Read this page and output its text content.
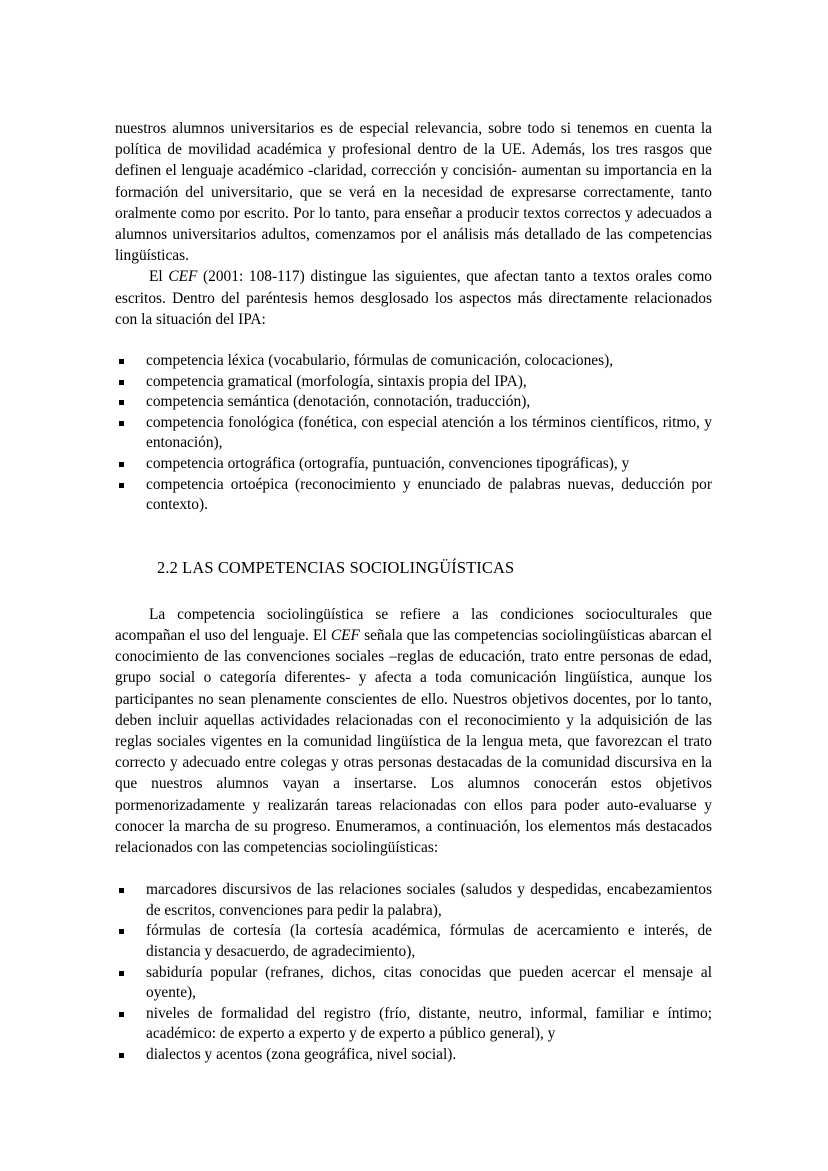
nuestros alumnos universitarios es de especial relevancia, sobre todo si tenemos en cuenta la política de movilidad académica y profesional dentro de la UE. Además, los tres rasgos que definen el lenguaje académico -claridad, corrección y concisión- aumentan su importancia en la formación del universitario, que se verá en la necesidad de expresarse correctamente, tanto oralmente como por escrito. Por lo tanto, para enseñar a producir textos correctos y adecuados a alumnos universitarios adultos, comenzamos por el análisis más detallado de las competencias lingüísticas.

El CEF (2001: 108-117) distingue las siguientes, que afectan tanto a textos orales como escritos. Dentro del paréntesis hemos desglosado los aspectos más directamente relacionados con la situación del IPA:

competencia léxica (vocabulario, fórmulas de comunicación, colocaciones),
competencia gramatical (morfología, sintaxis propia del IPA),
competencia semántica (denotación, connotación, traducción),
competencia fonológica (fonética, con especial atención a los términos científicos, ritmo, y entonación),
competencia ortográfica (ortografía, puntuación, convenciones tipográficas), y
competencia ortoépica (reconocimiento y enunciado de palabras nuevas, deducción por contexto).
2.2 LAS COMPETENCIAS SOCIOLINGÜÍSTICAS

La competencia sociolingüística se refiere a las condiciones socioculturales que acompañan el uso del lenguaje. El CEF señala que las competencias sociolingüísticas abarcan el conocimiento de las convenciones sociales –reglas de educación, trato entre personas de edad, grupo social o categoría diferentes- y afecta a toda comunicación lingüística, aunque los participantes no sean plenamente conscientes de ello. Nuestros objetivos docentes, por lo tanto, deben incluir aquellas actividades relacionadas con el reconocimiento y la adquisición de las reglas sociales vigentes en la comunidad lingüística de la lengua meta, que favorezcan el trato correcto y adecuado entre colegas y otras personas destacadas de la comunidad discursiva en la que nuestros alumnos vayan a insertarse. Los alumnos conocerán estos objetivos pormenorizadamente y realizarán tareas relacionadas con ellos para poder auto-evaluarse y conocer la marcha de su progreso. Enumeramos, a continuación, los elementos más destacados relacionados con las competencias sociolingüísticas:

marcadores discursivos de las relaciones sociales (saludos y despedidas, encabezamientos de escritos, convenciones para pedir la palabra),
fórmulas de cortesía (la cortesía académica, fórmulas de acercamiento e interés, de distancia y desacuerdo, de agradecimiento),
sabiduría popular (refranes, dichos, citas conocidas que pueden acercar el mensaje al oyente),
niveles de formalidad del registro (frío, distante, neutro, informal, familiar e íntimo; académico: de experto a experto y de experto a público general), y
dialectos y acentos (zona geográfica, nivel social).
